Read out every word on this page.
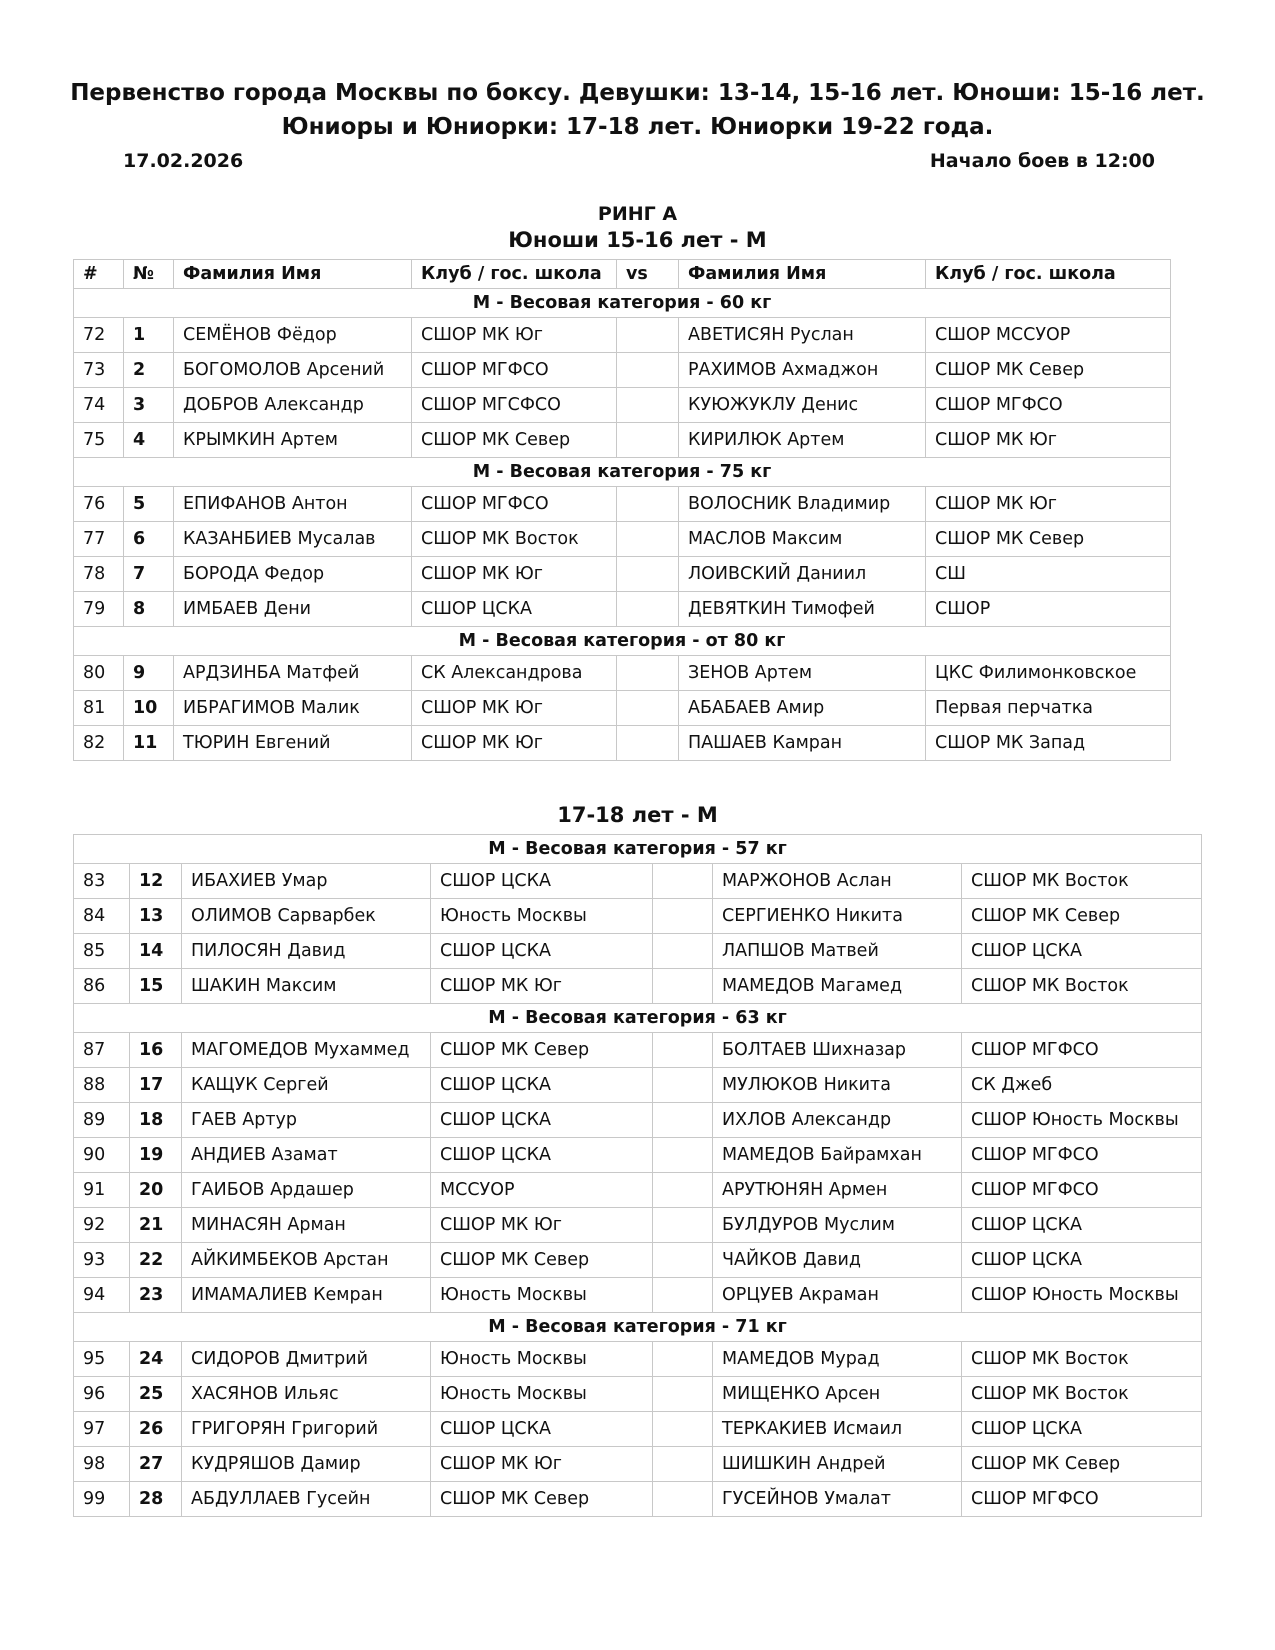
Первенство города Москвы по боксу. Девушки: 13-14, 15-16 лет. Юноши: 15-16 лет.
Юниоры и Юниорки: 17-18 лет. Юниорки 19-22 года.
17.02.2026	Начало боев в 12:00
РИНГ А
Юноши 15-16 лет - М
#	№	Фамилия Имя	Клуб / гос. школа	vs	Фамилия Имя	Клуб / гос. школа
М - Весовая категория - 60 кг						
72	1	СЕМЁНОВ Фёдор	СШОР МК Юг		АВЕТИСЯН Руслан	СШОР МССУОР
73	2	БОГОМОЛОВ Арсений	СШОР МГФСО		РАХИМОВ Ахмаджон	СШОР МК Север
74	3	ДОБРОВ Александр	СШОР МГСФСО		КУЮЖУКЛУ Денис	СШОР МГФСО
75	4	КРЫМКИН Артем	СШОР МК Север		КИРИЛЮК Артем	СШОР МК Юг
М - Весовая категория - 75 кг						
76	5	ЕПИФАНОВ Антон	СШОР МГФСО		ВОЛОСНИК Владимир	СШОР МК Юг
77	6	КАЗАНБИЕВ Мусалав	СШОР МК Восток		МАСЛОВ Максим	СШОР МК Север
78	7	БОРОДА Федор	СШОР МК Юг		ЛОИВСКИЙ Даниил	СШ
79	8	ИМБАЕВ Дени	СШОР ЦСКА		ДЕВЯТКИН Тимофей	СШОР
М - Весовая категория - от 80 кг						
80	9	АРДЗИНБА Матфей	СК Александрова		ЗЕНОВ Артем	ЦКС Филимонковское
81	10	ИБРАГИМОВ Малик	СШОР МК Юг		АБАБАЕВ Амир	Первая перчатка
82	11	ТЮРИН Евгений	СШОР МК Юг		ПАШАЕВ Камран	СШОР МК Запад
17-18 лет - М
М - Весовая категория - 57 кг						
83	12	ИБАХИЕВ Умар	СШОР ЦСКА		МАРЖОНОВ Аслан	СШОР МК Восток
84	13	ОЛИМОВ Сарварбек	Юность Москвы		СЕРГИЕНКО Никита	СШОР МК Север
85	14	ПИЛОСЯН Давид	СШОР ЦСКА		ЛАПШОВ Матвей	СШОР ЦСКА
86	15	ШАКИН Максим	СШОР МК Юг		МАМЕДОВ Магамед	СШОР МК Восток
М - Весовая категория - 63 кг						
87	16	МАГОМЕДОВ Мухаммед	СШОР МК Север		БОЛТАЕВ Шихназар	СШОР МГФСО
88	17	КАЩУК Сергей	СШОР ЦСКА		МУЛЮКОВ Никита	СК Джеб
89	18	ГАЕВ Артур	СШОР ЦСКА		ИХЛОВ Александр	СШОР Юность Москвы
90	19	АНДИЕВ Азамат	СШОР ЦСКА		МАМЕДОВ Байрамхан	СШОР МГФСО
91	20	ГАИБОВ Ардашер	МССУОР		АРУТЮНЯН Армен	СШОР МГФСО
92	21	МИНАСЯН Арман	СШОР МК Юг		БУЛДУРОВ Муслим	СШОР ЦСКА
93	22	АЙКИМБЕКОВ Арстан	СШОР МК Север		ЧАЙКОВ Давид	СШОР ЦСКА
94	23	ИМАМАЛИЕВ Кемран	Юность Москвы		ОРЦУЕВ Акраман	СШОР Юность Москвы
М - Весовая категория - 71 кг						
95	24	СИДОРОВ Дмитрий	Юность Москвы		МАМЕДОВ Мурад	СШОР МК Восток
96	25	ХАСЯНОВ Ильяс	Юность Москвы		МИЩЕНКО Арсен	СШОР МК Восток
97	26	ГРИГОРЯН Григорий	СШОР ЦСКА		ТЕРКАКИЕВ Исмаил	СШОР ЦСКА
98	27	КУДРЯШОВ Дамир	СШОР МК Юг		ШИШКИН Андрей	СШОР МК Север
99	28	АБДУЛЛАЕВ Гусейн	СШОР МК Север		ГУСЕЙНОВ Умалат	СШОР МГФСО
